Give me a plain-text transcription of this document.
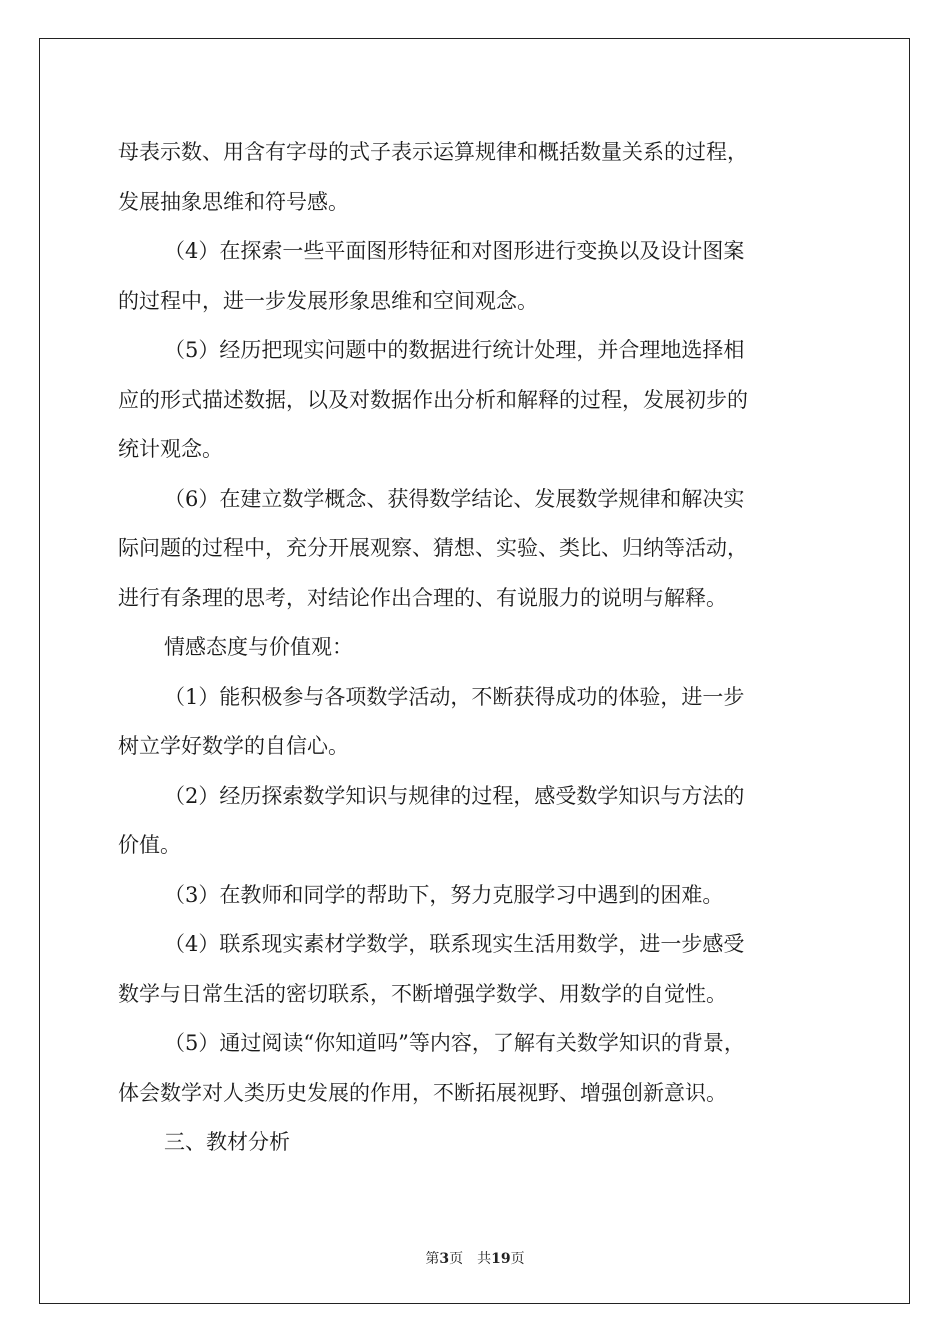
母表示数、用含有字母的式子表示运算规律和概括数量关系的过程，
发展抽象思维和符号感。
（4）在探索一些平面图形特征和对图形进行变换以及设计图案
的过程中，进一步发展形象思维和空间观念。
（5）经历把现实问题中的数据进行统计处理，并合理地选择相
应的形式描述数据，以及对数据作出分析和解释的过程，发展初步的
统计观念。
（6）在建立数学概念、获得数学结论、发展数学规律和解决实
际问题的过程中，充分开展观察、猜想、实验、类比、归纳等活动，
进行有条理的思考，对结论作出合理的、有说服力的说明与解释。
情感态度与价值观：
（1）能积极参与各项数学活动，不断获得成功的体验，进一步
树立学好数学的自信心。
（2）经历探索数学知识与规律的过程，感受数学知识与方法的
价值。
（3）在教师和同学的帮助下，努力克服学习中遇到的困难。
（4）联系现实素材学数学，联系现实生活用数学，进一步感受
数学与日常生活的密切联系，不断增强学数学、用数学的自觉性。
（5）通过阅读“你知道吗”等内容，了解有关数学知识的背景，
体会数学对人类历史发展的作用，不断拓展视野、增强创新意识。
三、教材分析
第3页 共19页
